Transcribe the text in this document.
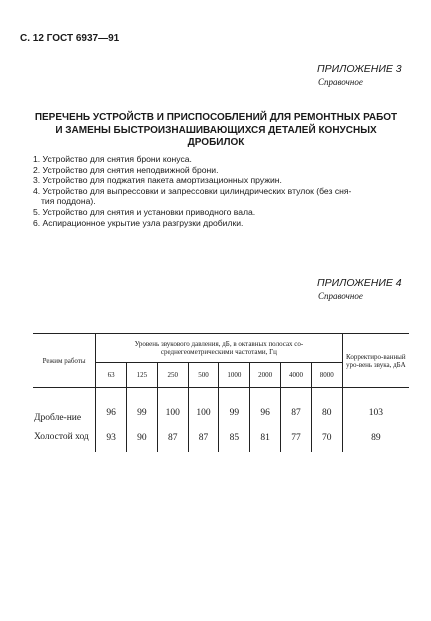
С. 12 ГОСТ 6937—91
ПРИЛОЖЕНИЕ 3
Справочное
ПЕРЕЧЕНЬ УСТРОЙСТВ И ПРИСПОСОБЛЕНИЙ ДЛЯ РЕМОНТНЫХ РАБОТ
И ЗАМЕНЫ БЫСТРОИЗНАШИВАЮЩИХСЯ ДЕТАЛЕЙ КОНУСНЫХ
ДРОБИЛОК
1. Устройство для снятия брони конуса.
2. Устройство для снятия неподвижной брони.
3. Устройство для поджатия пакета амортизационных пружин.
4. Устройство для выпрессовки и запрессовки цилиндрических втулок (без сня-
тия поддона).
5. Устройство для снятия и установки приводного вала.
6. Аспирационное укрытие узла разгрузки дробилки.
ПРИЛОЖЕНИЕ 4
Справочное
Режим работы	Уровень звукового давления, дБ, в октавных полосах со-среднегеометрическими частотами, Гц								Корректиро-ванный уро-вень звука, дБА
	63	125	250	500	1000	2000	4000	8000	

Дробле-ние	96	99	100	100	99	96	87	80	103
Холостой ход	93	90	87	87	85	81	77	70	89
